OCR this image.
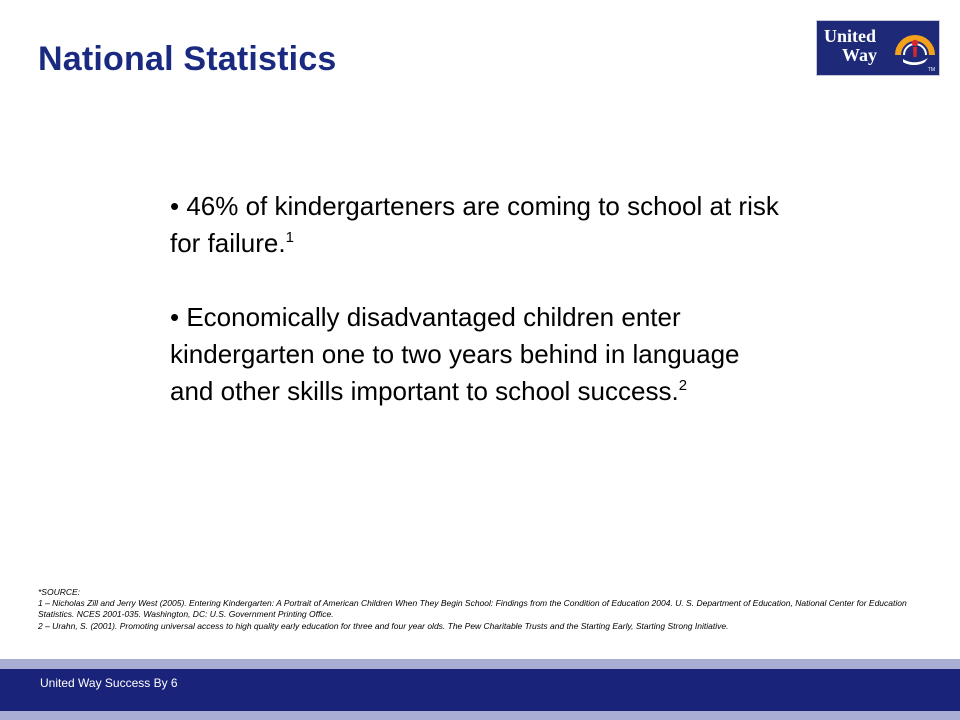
National Statistics
United
Way
TM

• 46% of kindergarteners are coming to school at risk for failure.$^1$

• Economically disadvantaged children enter kindergarten one to two years behind in language and other skills important to school success.$^2$

*SOURCE:

1 – Nicholas Zill and Jerry West (2005). Entering Kindergarten: A Portrait of American Children When They Begin School: Findings from the Condition of Education 2004. U. S. Department of Education, National Center for Education Statistics. NCES 2001-035. Washington, DC: U.S. Government Printing Office.

2 – Urahn, S. (2001). Promoting universal access to high quality early education for three and four year olds. The Pew Charitable Trusts and the Starting Early, Starting Strong Initiative.

United Way Success By 6
